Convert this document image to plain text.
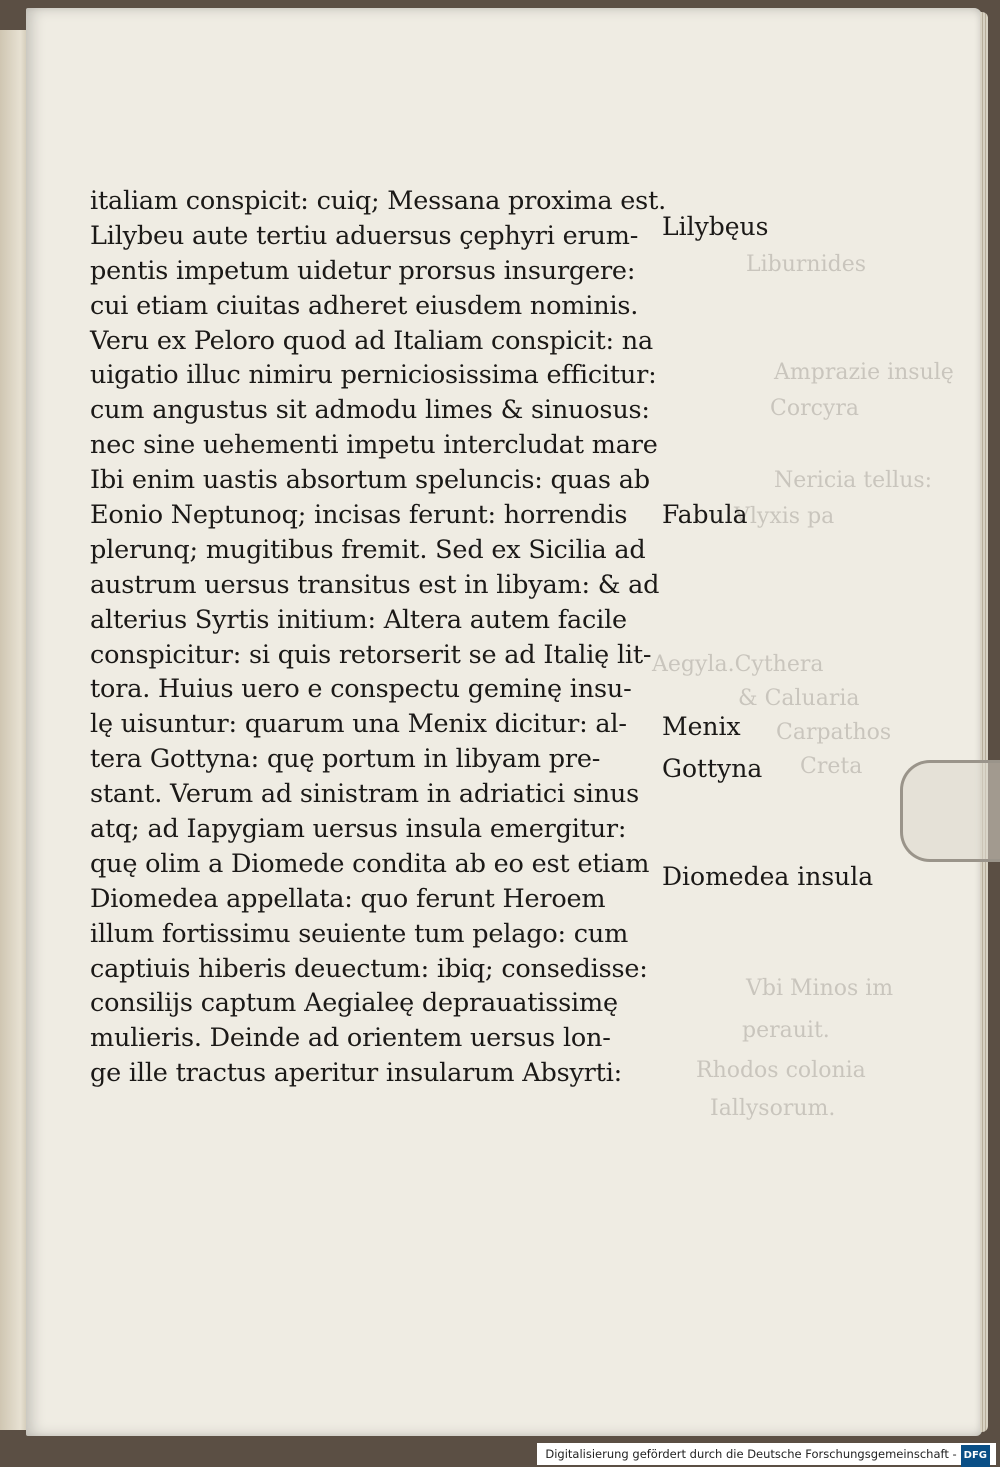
Liburnides
Amprazie insulę
Corcyra
Nericia tellus:
Vlyxis pa
Aegyla.Cythera
& Caluaria
Carpathos
Creta
Vbi Minos im
perauit.
Rhodos colonia
Iallysorum.
italiam conspicit: cuiq; Messana proxima est.
Lilybeu aute tertiu aduersus çephyri erum-
pentis impetum uidetur prorsus insurgere:
cui etiam ciuitas adheret eiusdem nominis.
Veru ex Peloro quod ad Italiam conspicit: na
uigatio illuc nimiru perniciosissima efficitur:
cum angustus sit admodu limes & sinuosus:
nec sine uehementi impetu intercludat mare
Ibi enim uastis absortum speluncis: quas ab
Eonio Neptunoq; incisas ferunt: horrendis
plerunq; mugitibus fremit. Sed ex Sicilia ad
austrum uersus transitus est in libyam: & ad
alterius Syrtis initium: Altera autem facile
conspicitur: si quis retorserit se ad Italię lit-
tora. Huius uero e conspectu geminę insu-
lę uisuntur: quarum una Menix dicitur: al-
tera Gottyna: quę portum in libyam pre-
stant. Verum ad sinistram in adriatici sinus
atq; ad Iapygiam uersus insula emergitur:
quę olim a Diomede condita ab eo est etiam
Diomedea appellata: quo ferunt Heroem
illum fortissimu seuiente tum pelago: cum
captiuis hiberis deuectum: ibiq; consedisse:
consilijs captum Aegialeę deprauatissimę
mulieris. Deinde ad orientem uersus lon-
ge ille tractus aperitur insularum Absyrti:
Lilybęus
Fabula
Menix
Gottyna
Diomedea insula
Digitalisierung gefördert durch die Deutsche Forschungsgemeinschaft - DFG
